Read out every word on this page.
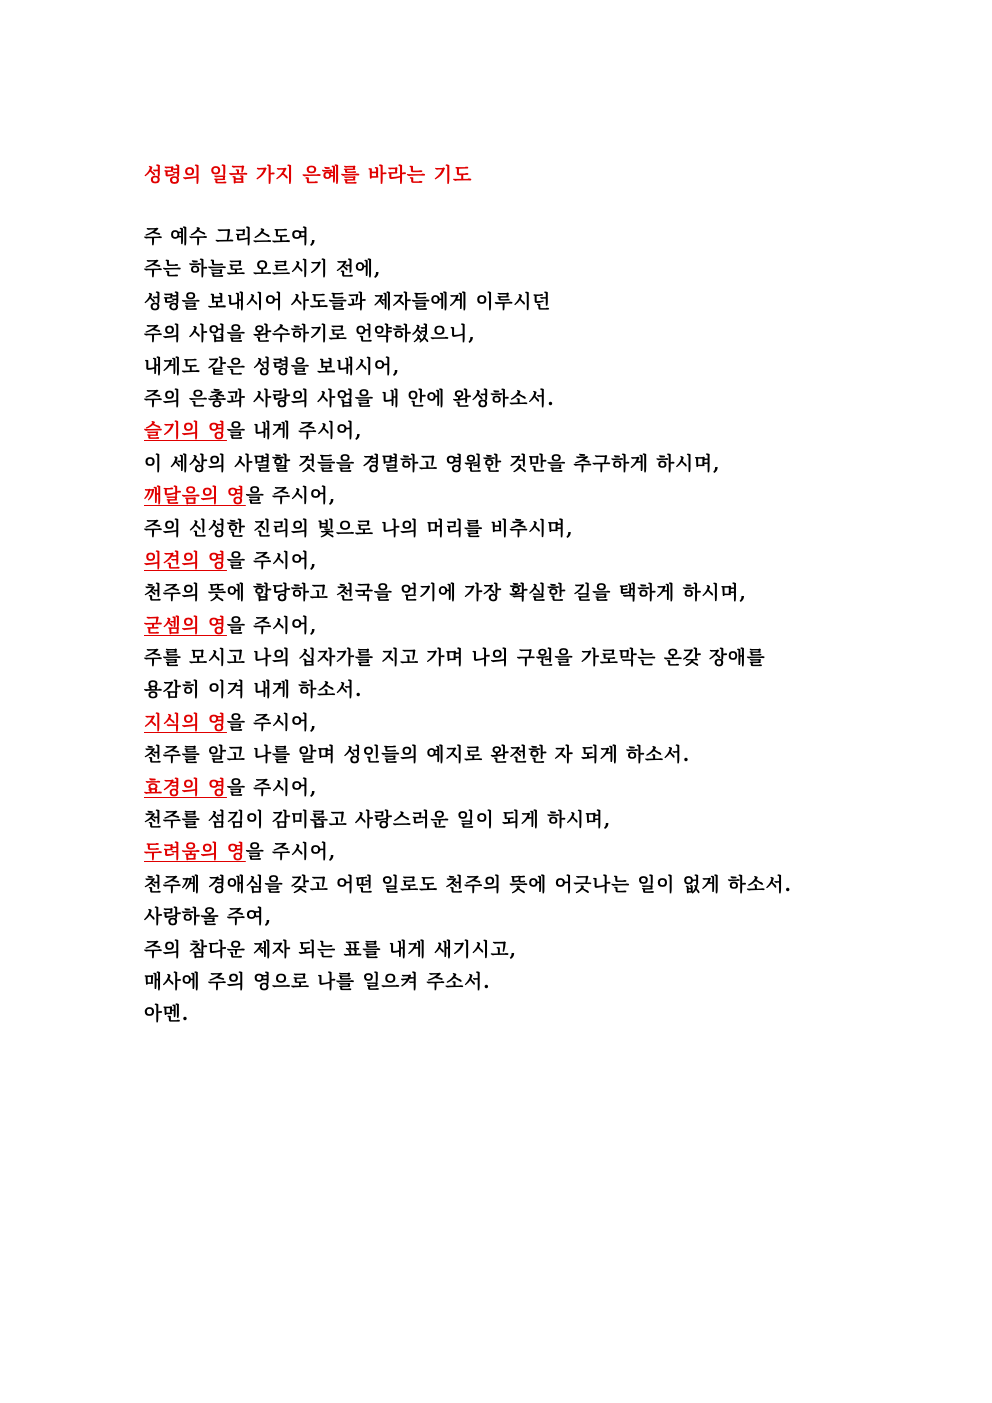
성령의 일곱 가지 은혜를 바라는 기도
주 예수 그리스도여,
주는 하늘로 오르시기 전에,
성령을 보내시어 사도들과 제자들에게 이루시던
주의 사업을 완수하기로 언약하셨으니,
내게도 같은 성령을 보내시어,
주의 은총과 사랑의 사업을 내 안에 완성하소서.
슬기의 영을 내게 주시어,
이 세상의 사멸할 것들을 경멸하고 영원한 것만을 추구하게 하시며,
깨달음의 영을 주시어,
주의 신성한 진리의 빛으로 나의 머리를 비추시며,
의견의 영을 주시어,
천주의 뜻에 합당하고 천국을 얻기에 가장 확실한 길을 택하게 하시며,
굳셈의 영을 주시어,
주를 모시고 나의 십자가를 지고 가며 나의 구원을 가로막는 온갖 장애를
용감히 이겨 내게 하소서.
지식의 영을 주시어,
천주를 알고 나를 알며 성인들의 예지로 완전한 자 되게 하소서.
효경의 영을 주시어,
천주를 섬김이 감미롭고 사랑스러운 일이 되게 하시며,
두려움의 영을 주시어,
천주께 경애심을 갖고 어떤 일로도 천주의 뜻에 어긋나는 일이 없게 하소서.
사랑하올 주여,
주의 참다운 제자 되는 표를 내게 새기시고,
매사에 주의 영으로 나를 일으켜 주소서.
아멘.
